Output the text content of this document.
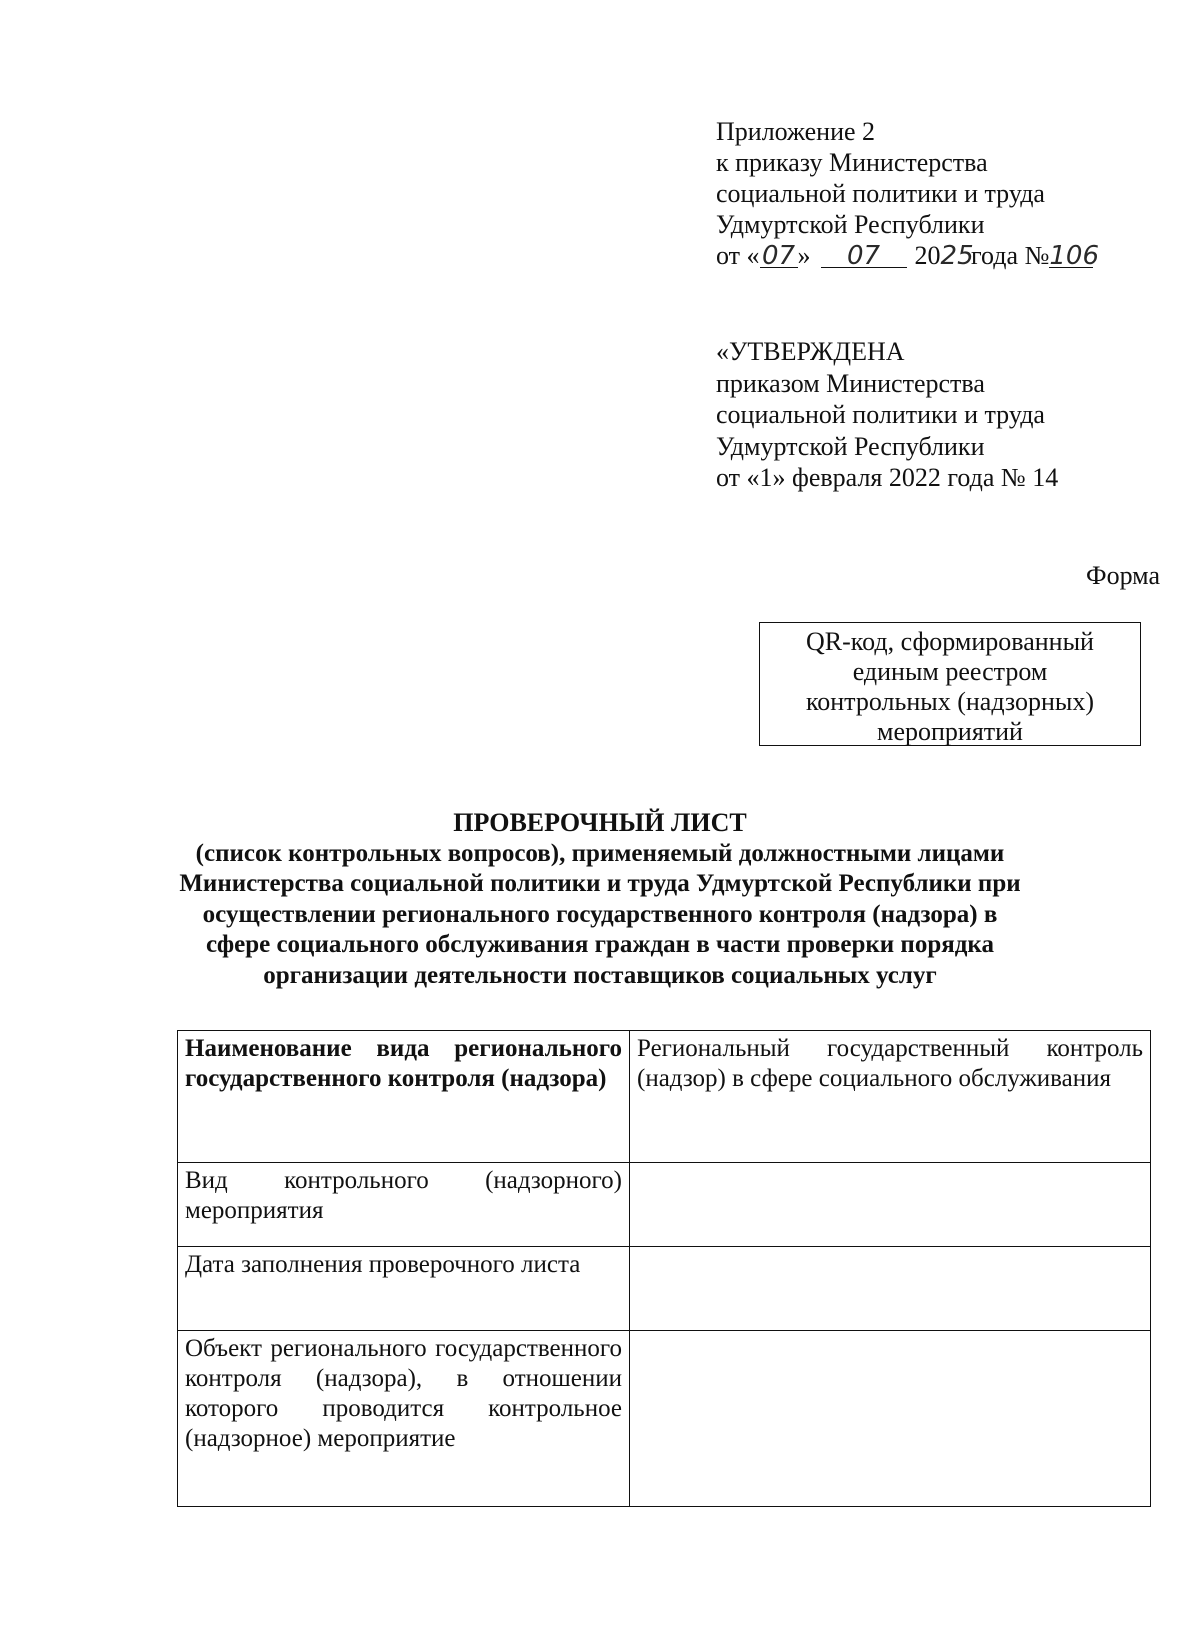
Приложение 2
к приказу Министерства
социальной политики и труда
Удмуртской Республики
от «07» 07 2025 года №106
«УТВЕРЖДЕНА
приказом Министерства
социальной политики и труда
Удмуртской Республики
от «1» февраля 2022 года № 14
Форма
QR-код, сформированный
единым реестром
контрольных (надзорных)
мероприятий
ПРОВЕРОЧНЫЙ ЛИСТ
(список контрольных вопросов), применяемый должностными лицами
Министерства социальной политики и труда Удмуртской Республики при
осуществлении регионального государственного контроля (надзора) в
сфере социального обслуживания граждан в части проверки порядка
организации деятельности поставщиков социальных услуг
Наименование вида регионального государственного контроля (надзора)	Региональный государственный контроль (надзор) в сфере социального обслуживания
Вид контрольного (надзорного) мероприятия	
Дата заполнения проверочного листа	
Объект регионального государственного контроля (надзора), в отношении которого проводится контрольное (надзорное) мероприятие	
